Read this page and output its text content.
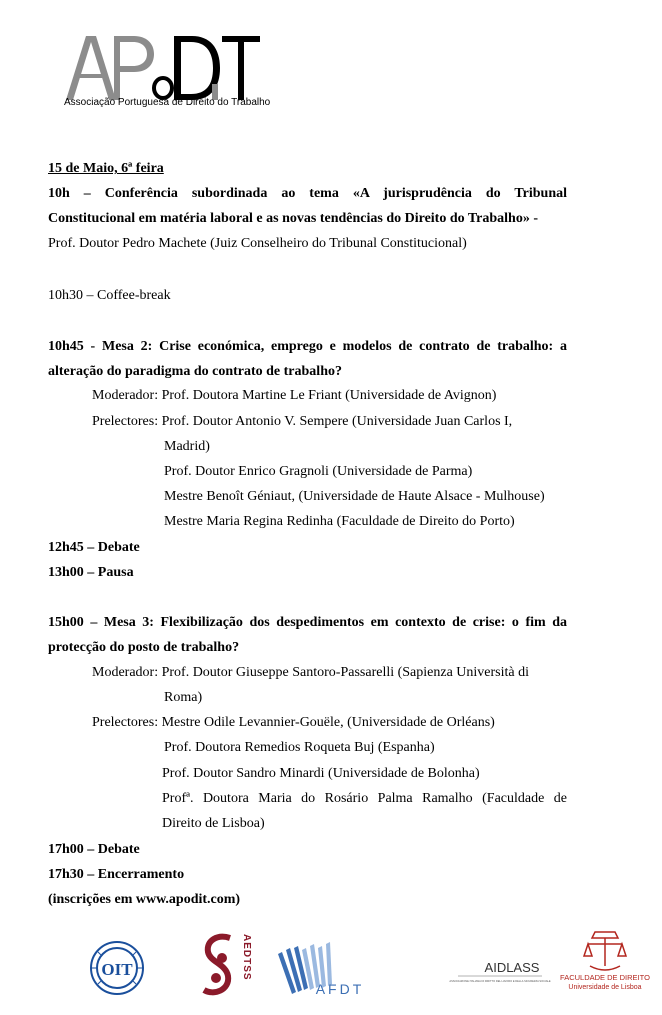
Associação Portuguesa de Direito do Trabalho
15 de Maio, 6ª feira
10h – Conferência subordinada ao tema «A jurisprudência do Tribunal
Constitucional em matéria laboral e as novas tendências do Direito do Trabalho» -
Prof. Doutor Pedro Machete (Juiz Conselheiro do Tribunal Constitucional)
10h30 – Coffee-break
10h45 - Mesa 2: Crise económica, emprego e modelos de contrato de trabalho: a
alteração do paradigma do contrato de trabalho?
Moderador: Prof. Doutora Martine Le Friant (Universidade de Avignon)
Prelectores: Prof. Doutor Antonio V. Sempere (Universidade Juan Carlos I,
Madrid)
Prof. Doutor Enrico Gragnoli (Universidade de Parma)
Mestre Benoît Géniaut, (Universidade de Haute Alsace - Mulhouse)
Mestre Maria Regina Redinha (Faculdade de Direito do Porto)
12h45 – Debate
13h00 – Pausa
15h00 – Mesa 3: Flexibilização dos despedimentos em contexto de crise: o fim da
protecção do posto de trabalho?
Moderador: Prof. Doutor Giuseppe Santoro-Passarelli (Sapienza Università di
Roma)
Prelectores: Mestre Odile Levannier-Gouële, (Universidade de Orléans)
Prof. Doutora Remedios Roqueta Buj (Espanha)
Prof. Doutor Sandro Minardi (Universidade de Bolonha)
Profª. Doutora Maria do Rosário Palma Ramalho (Faculdade de
Direito de Lisboa)
17h00 – Debate
17h30 – Encerramento
(inscrições em www.apodit.com)
OIT	AEDTSS
AFDT
AIDLASS
ASSOCIAZIONE ITALIANA DI DIRITTO DEL LAVORO E DELLA SICUREZZA SOCIALE FACULDADE DE DIREITO
Universidade de Lisboa
